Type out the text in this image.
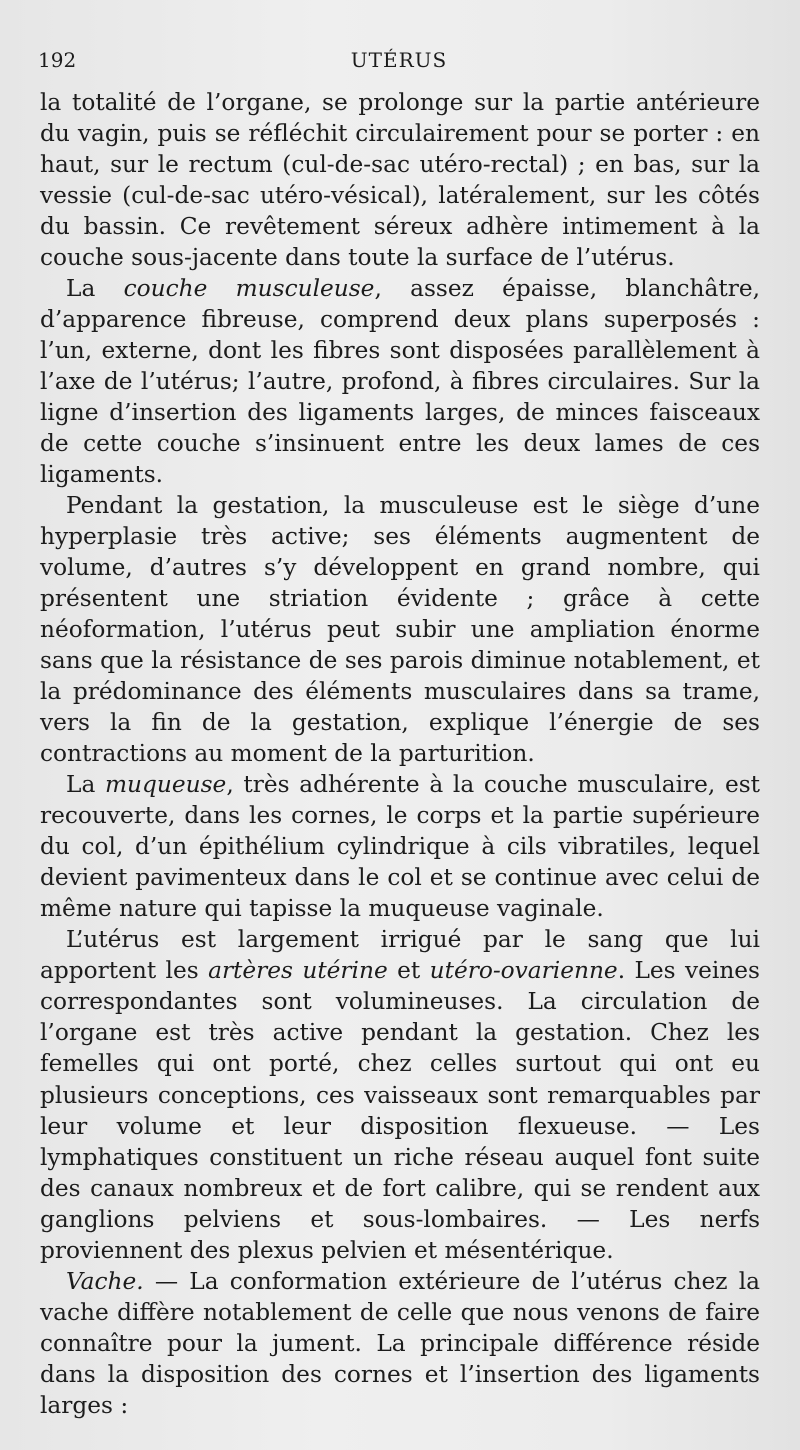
192	UTÉRUS

la totalité de l’organe, se prolonge sur la partie antérieure du vagin, puis se réfléchit circulairement pour se porter : en haut, sur le rectum (cul-de-sac utéro-rectal) ; en bas, sur la vessie (cul-de-sac utéro-vésical), latéralement, sur les côtés du bassin. Ce revêtement séreux adhère intimement à la couche sous-jacente dans toute la surface de l’utérus.

La couche musculeuse, assez épaisse, blanchâtre, d’apparence fibreuse, comprend deux plans superposés : l’un, externe, dont les fibres sont disposées parallèlement à l’axe de l’utérus; l’autre, profond, à fibres circulaires. Sur la ligne d’insertion des ligaments larges, de minces faisceaux de cette couche s’insinuent entre les deux lames de ces ligaments.

Pendant la gestation, la musculeuse est le siège d’une hyperplasie très active; ses éléments augmentent de volume, d’autres s’y développent en grand nombre, qui présentent une striation évidente ; grâce à cette néoformation, l’utérus peut subir une ampliation énorme sans que la résistance de ses parois diminue notablement, et la prédominance des éléments musculaires dans sa trame, vers la fin de la gestation, explique l’énergie de ses contractions au moment de la parturition.

La muqueuse, très adhérente à la couche musculaire, est recouverte, dans les cornes, le corps et la partie supérieure du col, d’un épithélium cylindrique à cils vibratiles, lequel devient pavimenteux dans le col et se continue avec celui de même nature qui tapisse la muqueuse vaginale.

L’utérus est largement irrigué par le sang que lui apportent les artères utérine et utéro-ovarienne. Les veines correspondantes sont volumineuses. La circulation de l’organe est très active pendant la gestation. Chez les femelles qui ont porté, chez celles surtout qui ont eu plusieurs conceptions, ces vaisseaux sont remarquables par leur volume et leur disposition flexueuse. — Les lymphatiques constituent un riche réseau auquel font suite des canaux nombreux et de fort calibre, qui se rendent aux ganglions pelviens et sous-lombaires. — Les nerfs proviennent des plexus pelvien et mésentérique.

Vache. — La conformation extérieure de l’utérus chez la vache diffère notablement de celle que nous venons de faire connaître pour la jument. La principale différence réside dans la disposition des cornes et l’insertion des ligaments larges :
